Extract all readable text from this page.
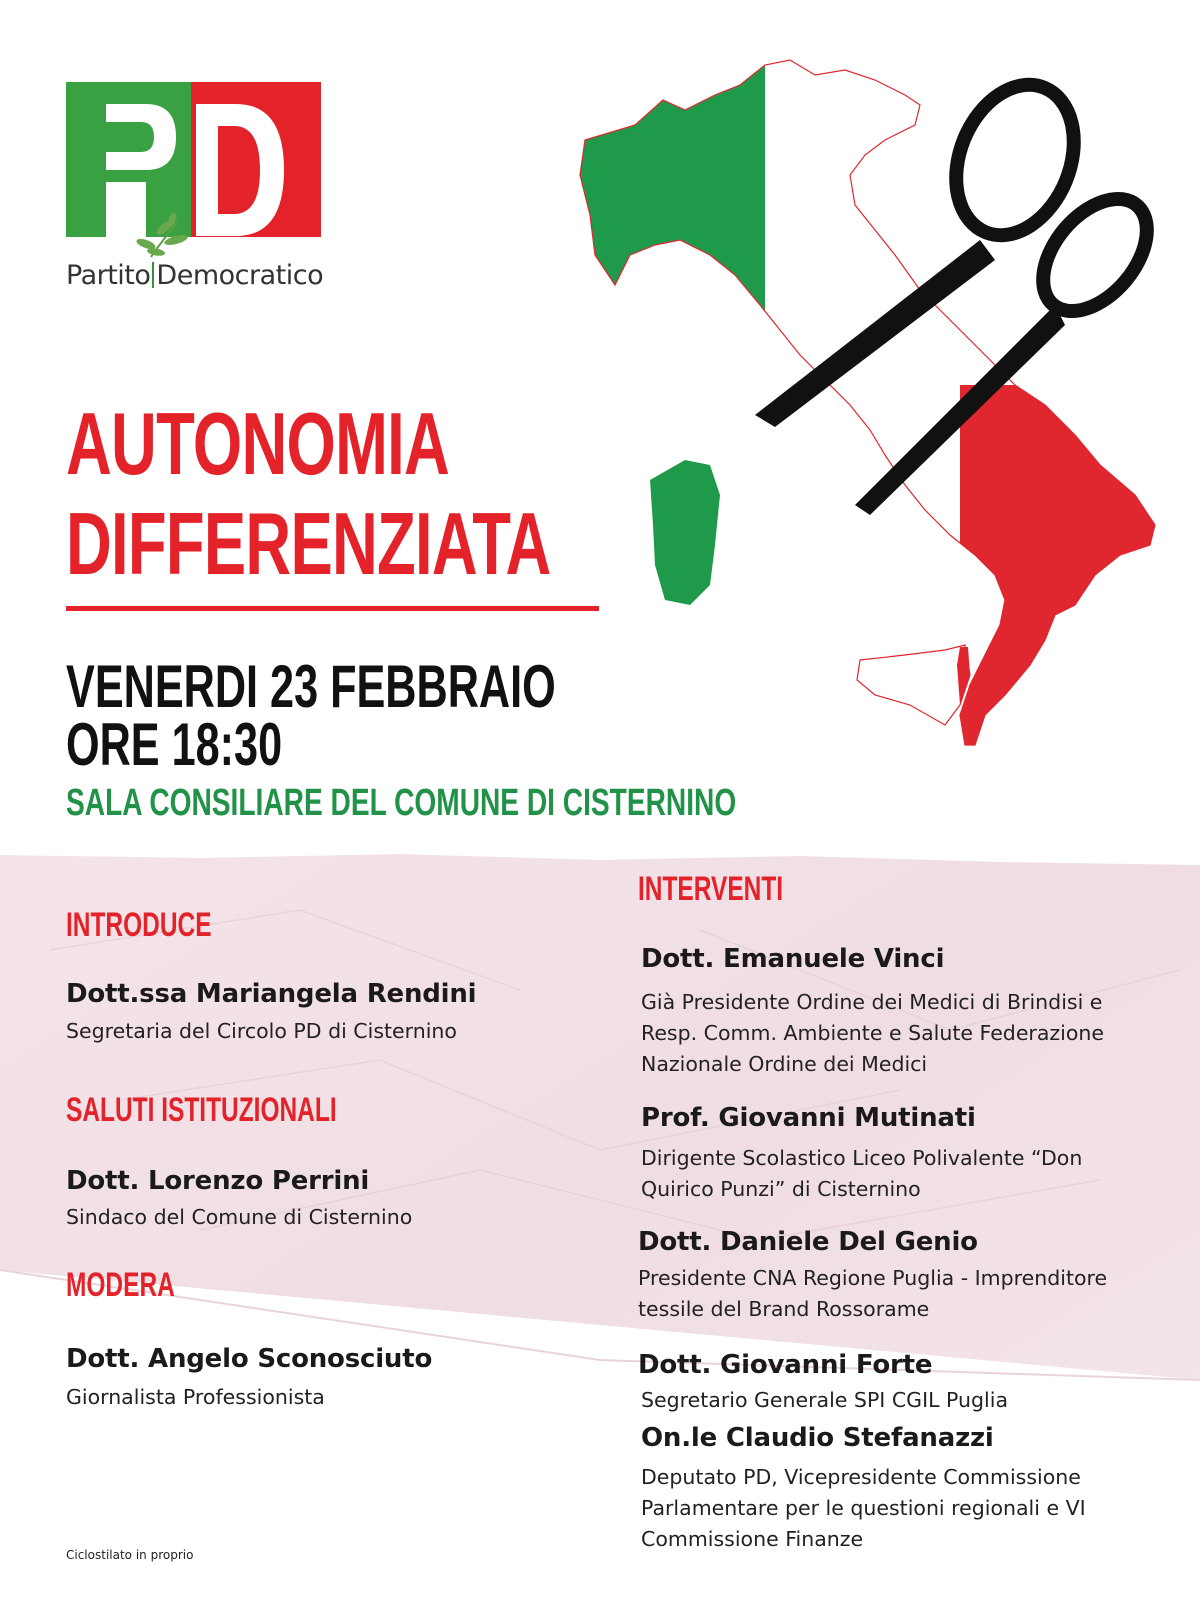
Partito Democratico
AUTONOMIA
DIFFERENZIATA
VENERDI 23 FEBBRAIO
ORE 18:30
SALA CONSILIARE DEL COMUNE DI CISTERNINO
INTRODUCE
Dott.ssa Mariangela Rendini
Segretaria del Circolo PD di Cisternino
SALUTI ISTITUZIONALI
Dott. Lorenzo Perrini
Sindaco del Comune di Cisternino
MODERA
Dott. Angelo Sconosciuto
Giornalista Professionista
INTERVENTI
Dott. Emanuele Vinci
Già Presidente Ordine dei Medici di Brindisi e Resp. Comm. Ambiente e Salute Federazione Nazionale Ordine dei Medici
Prof. Giovanni Mutinati
Dirigente Scolastico Liceo Polivalente “Don Quirico Punzi” di Cisternino
Dott. Daniele Del Genio
Presidente CNA Regione Puglia - Imprenditore tessile del Brand Rossorame
Dott. Giovanni Forte
Segretario Generale SPI CGIL Puglia
On.le Claudio Stefanazzi
Deputato PD, Vicepresidente Commissione Parlamentare per le questioni regionali e VI Commissione Finanze
Ciclostilato in proprio
